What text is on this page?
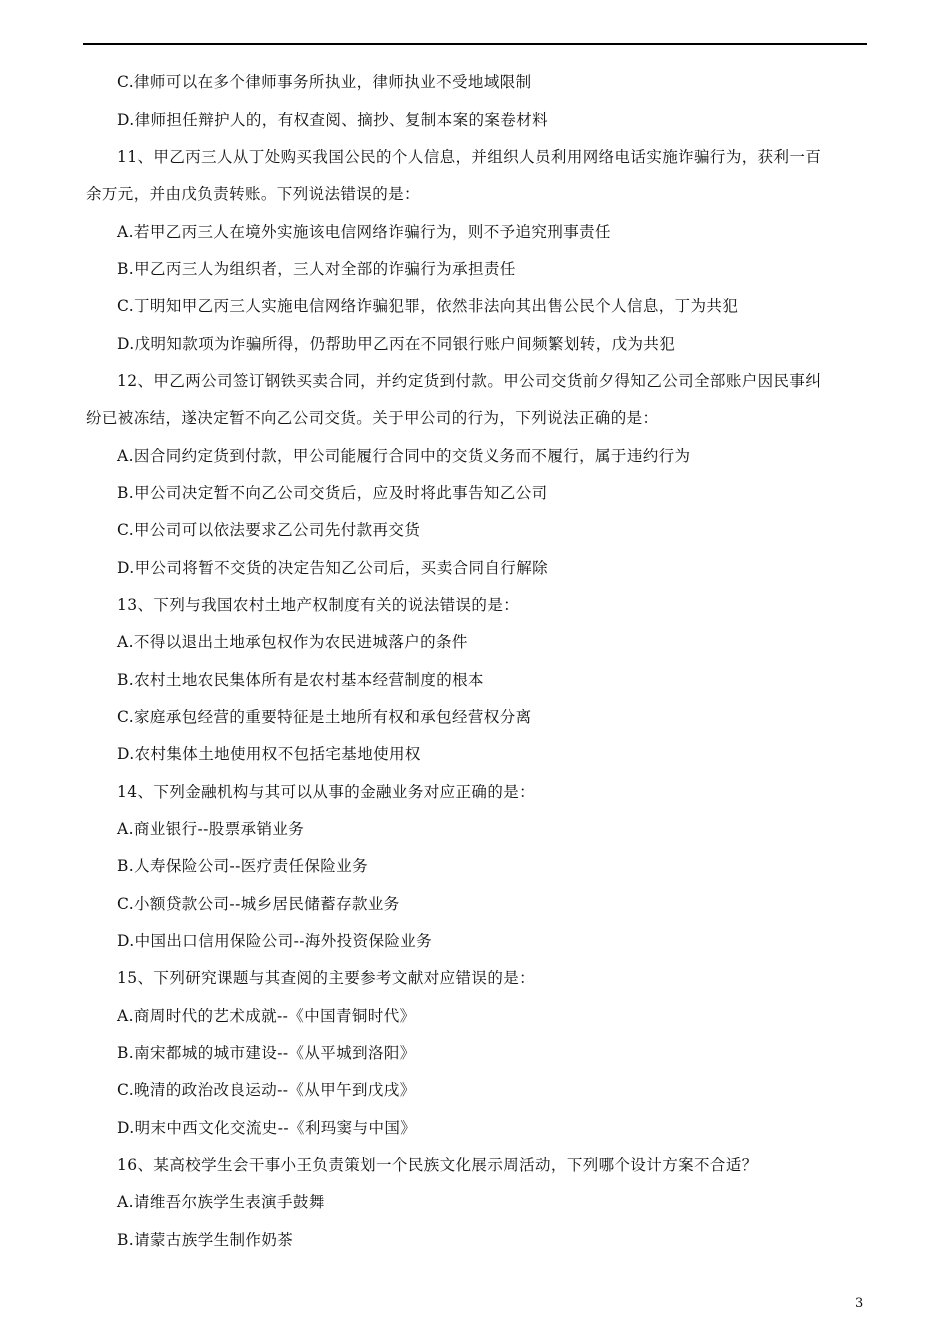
C.律师可以在多个律师事务所执业，律师执业不受地域限制
D.律师担任辩护人的，有权查阅、摘抄、复制本案的案卷材料
11、甲乙丙三人从丁处购买我国公民的个人信息，并组织人员利用网络电话实施诈骗行为，获利一百
余万元，并由戊负责转账。下列说法错误的是：
A.若甲乙丙三人在境外实施该电信网络诈骗行为，则不予追究刑事责任
B.甲乙丙三人为组织者，三人对全部的诈骗行为承担责任
C.丁明知甲乙丙三人实施电信网络诈骗犯罪，依然非法向其出售公民个人信息，丁为共犯
D.戊明知款项为诈骗所得，仍帮助甲乙丙在不同银行账户间频繁划转，戊为共犯
12、甲乙两公司签订钢铁买卖合同，并约定货到付款。甲公司交货前夕得知乙公司全部账户因民事纠
纷已被冻结，遂决定暂不向乙公司交货。关于甲公司的行为，下列说法正确的是：
A.因合同约定货到付款，甲公司能履行合同中的交货义务而不履行，属于违约行为
B.甲公司决定暂不向乙公司交货后，应及时将此事告知乙公司
C.甲公司可以依法要求乙公司先付款再交货
D.甲公司将暂不交货的决定告知乙公司后，买卖合同自行解除
13、下列与我国农村土地产权制度有关的说法错误的是：
A.不得以退出土地承包权作为农民进城落户的条件
B.农村土地农民集体所有是农村基本经营制度的根本
C.家庭承包经营的重要特征是土地所有权和承包经营权分离
D.农村集体土地使用权不包括宅基地使用权
14、下列金融机构与其可以从事的金融业务对应正确的是：
A.商业银行--股票承销业务
B.人寿保险公司--医疗责任保险业务
C.小额贷款公司--城乡居民储蓄存款业务
D.中国出口信用保险公司--海外投资保险业务
15、下列研究课题与其查阅的主要参考文献对应错误的是：
A.商周时代的艺术成就--《中国青铜时代》
B.南宋都城的城市建设--《从平城到洛阳》
C.晚清的政治改良运动--《从甲午到戊戌》
D.明末中西文化交流史--《利玛窦与中国》
16、某高校学生会干事小王负责策划一个民族文化展示周活动，下列哪个设计方案不合适？
A.请维吾尔族学生表演手鼓舞
B.请蒙古族学生制作奶茶
3
